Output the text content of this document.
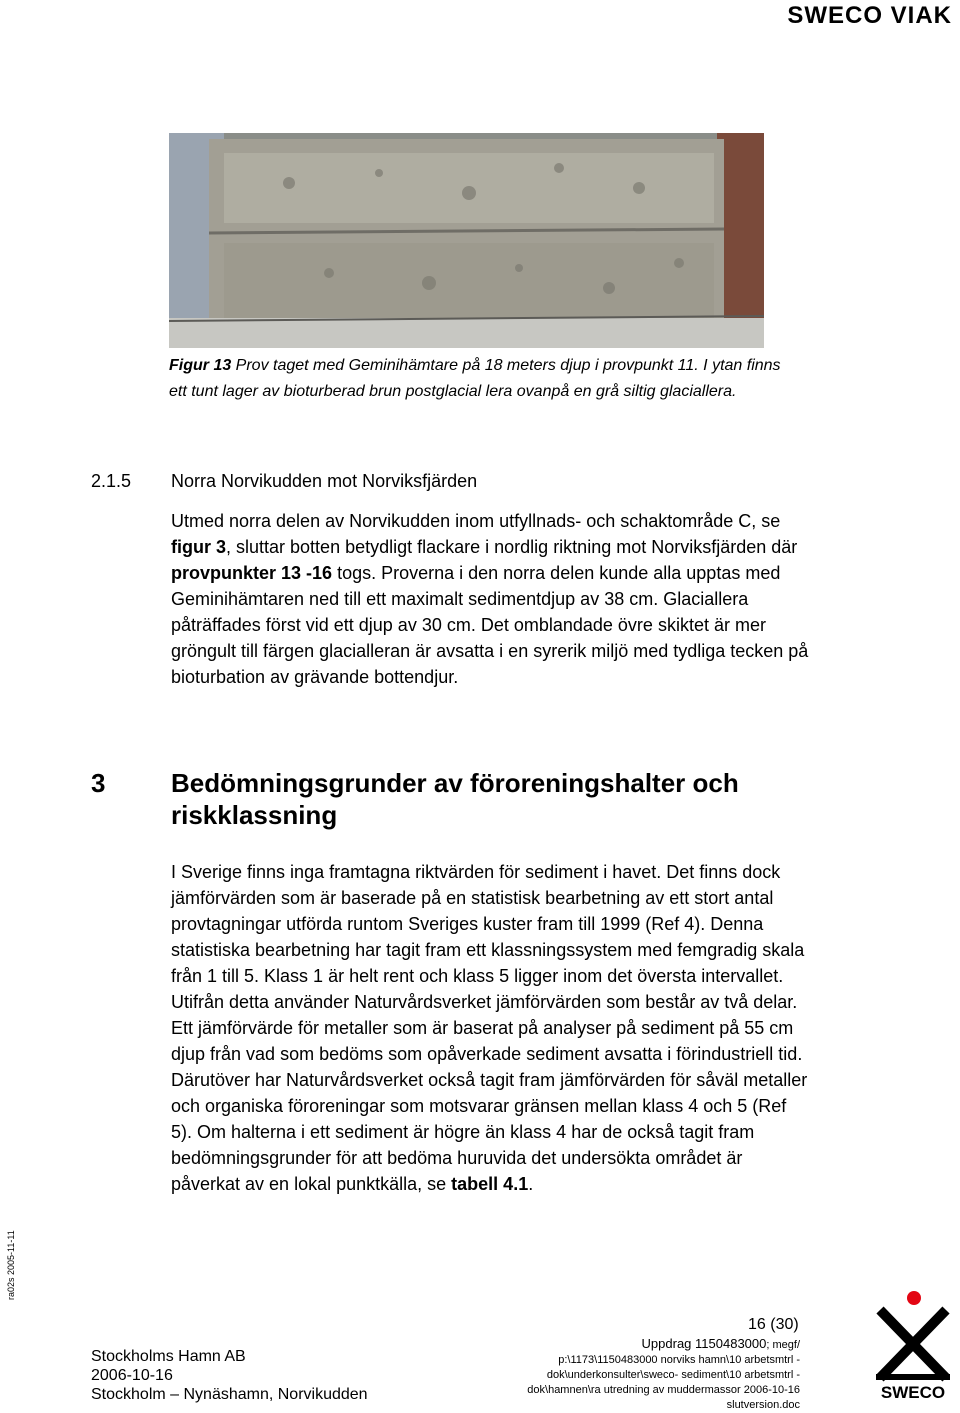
SWECO VIAK
Figur 13 Prov taget med Geminihämtare på 18 meters djup i provpunkt 11. I ytan finns ett tunt lager av bioturberad brun postglacial lera ovanpå en grå siltig glaciallera.
2.1.5 Norra Norvikudden mot Norviksfjärden
Utmed norra delen av Norvikudden inom utfyllnads- och schaktområde C, se figur 3, sluttar botten betydligt flackare i nordlig riktning mot Norviksfjärden där provpunkter 13 -16 togs. Proverna i den norra delen kunde alla upptas med Geminihämtaren ned till ett maximalt sedimentdjup av 38 cm. Glaciallera påträffades först vid ett djup av 30 cm. Det omblandade övre skiktet är mer gröngult till färgen glacialleran är avsatta i en syrerik miljö med tydliga tecken på bioturbation av grävande bottendjur.
3	Bedömningsgrunder av föroreningshalter och riskklassning
I Sverige finns inga framtagna riktvärden för sediment i havet. Det finns dock jämförvärden som är baserade på en statistisk bearbetning av ett stort antal provtagningar utförda runtom Sveriges kuster fram till 1999 (Ref 4). Denna statistiska bearbetning har tagit fram ett klassningssystem med femgradig skala från 1 till 5. Klass 1 är helt rent och klass 5 ligger inom det översta intervallet. Utifrån detta använder Naturvårdsverket jämförvärden som består av två delar. Ett jämförvärde för metaller som är baserat på analyser på sediment på 55 cm djup från vad som bedöms som opåverkade sediment avsatta i förindustriell tid. Därutöver har Naturvårdsverket också tagit fram jämförvärden för såväl metaller och organiska föroreningar som motsvarar gränsen mellan klass 4 och 5 (Ref 5). Om halterna i ett sediment är högre än klass 4 har de också tagit fram bedömningsgrunder för att bedöma huruvida det undersökta området är påverkat av en lokal punktkälla, se tabell 4.1.
ra02s 2005-11-11
16 (30)
Stockholms Hamn AB
2006-10-16
Stockholm – Nynäshamn, Norvikudden
Uppdrag 1150483000; megf/
p:\1173\1150483000 norviks hamn\10 arbetsmtrl -
dok\underkonsulter\sweco- sediment\10 arbetsmtrl -
dok\hamnen\ra utredning av muddermassor 2006-10-16
slutversion.doc
SWECO
